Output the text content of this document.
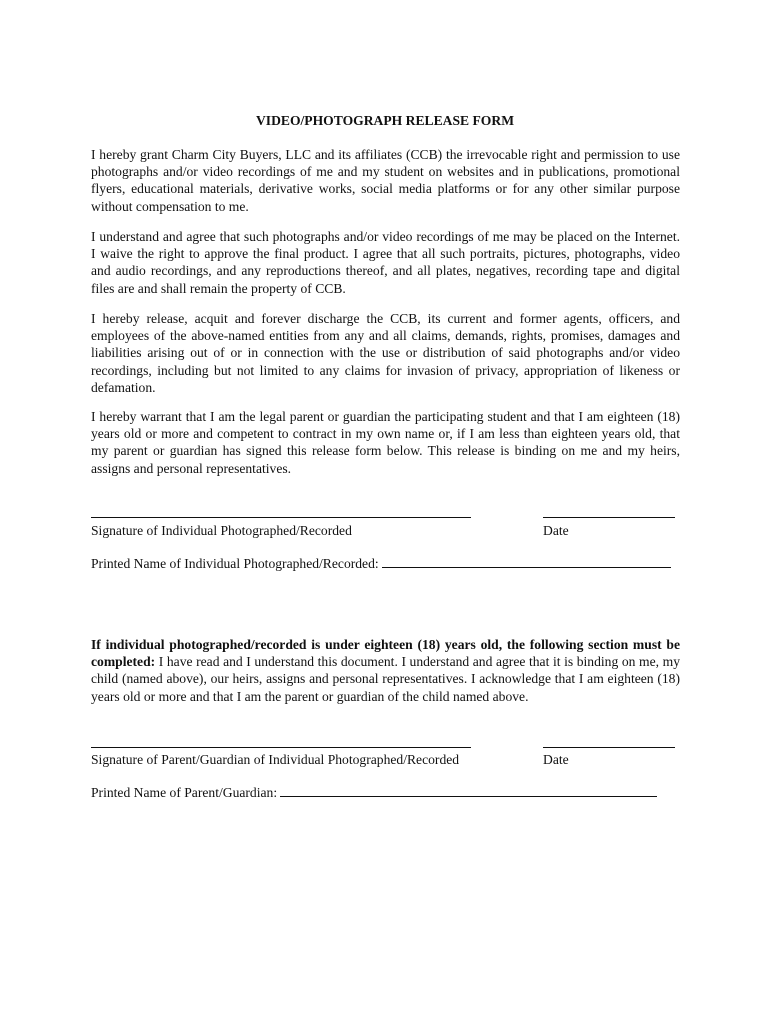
VIDEO/PHOTOGRAPH RELEASE FORM

I hereby grant Charm City Buyers, LLC and its affiliates (CCB) the irrevocable right and permission to use photographs and/or video recordings of me and my student on websites and in publications, promotional flyers, educational materials, derivative works, social media platforms or for any other similar purpose without compensation to me.

I understand and agree that such photographs and/or video recordings of me may be placed on the Internet. I waive the right to approve the final product. I agree that all such portraits, pictures, photographs, video and audio recordings, and any reproductions thereof, and all plates, negatives, recording tape and digital files are and shall remain the property of CCB.

I hereby release, acquit and forever discharge the CCB, its current and former agents, officers, and employees of the above-named entities from any and all claims, demands, rights, promises, damages and liabilities arising out of or in connection with the use or distribution of said photographs and/or video recordings, including but not limited to any claims for invasion of privacy, appropriation of likeness or defamation.

I hereby warrant that I am the legal parent or guardian the participating student and that I am eighteen (18) years old or more and competent to contract in my own name or, if I am less than eighteen years old, that my parent or guardian has signed this release form below. This release is binding on me and my heirs, assigns and personal representatives.

Signature of Individual Photographed/Recorded	Date
Printed Name of Individual Photographed/Recorded:

If individual photographed/recorded is under eighteen (18) years old, the following section must be completed: I have read and I understand this document. I understand and agree that it is binding on me, my child (named above), our heirs, assigns and personal representatives. I acknowledge that I am eighteen (18) years old or more and that I am the parent or guardian of the child named above.

Signature of Parent/Guardian of Individual Photographed/Recorded	Date
Printed Name of Parent/Guardian:
